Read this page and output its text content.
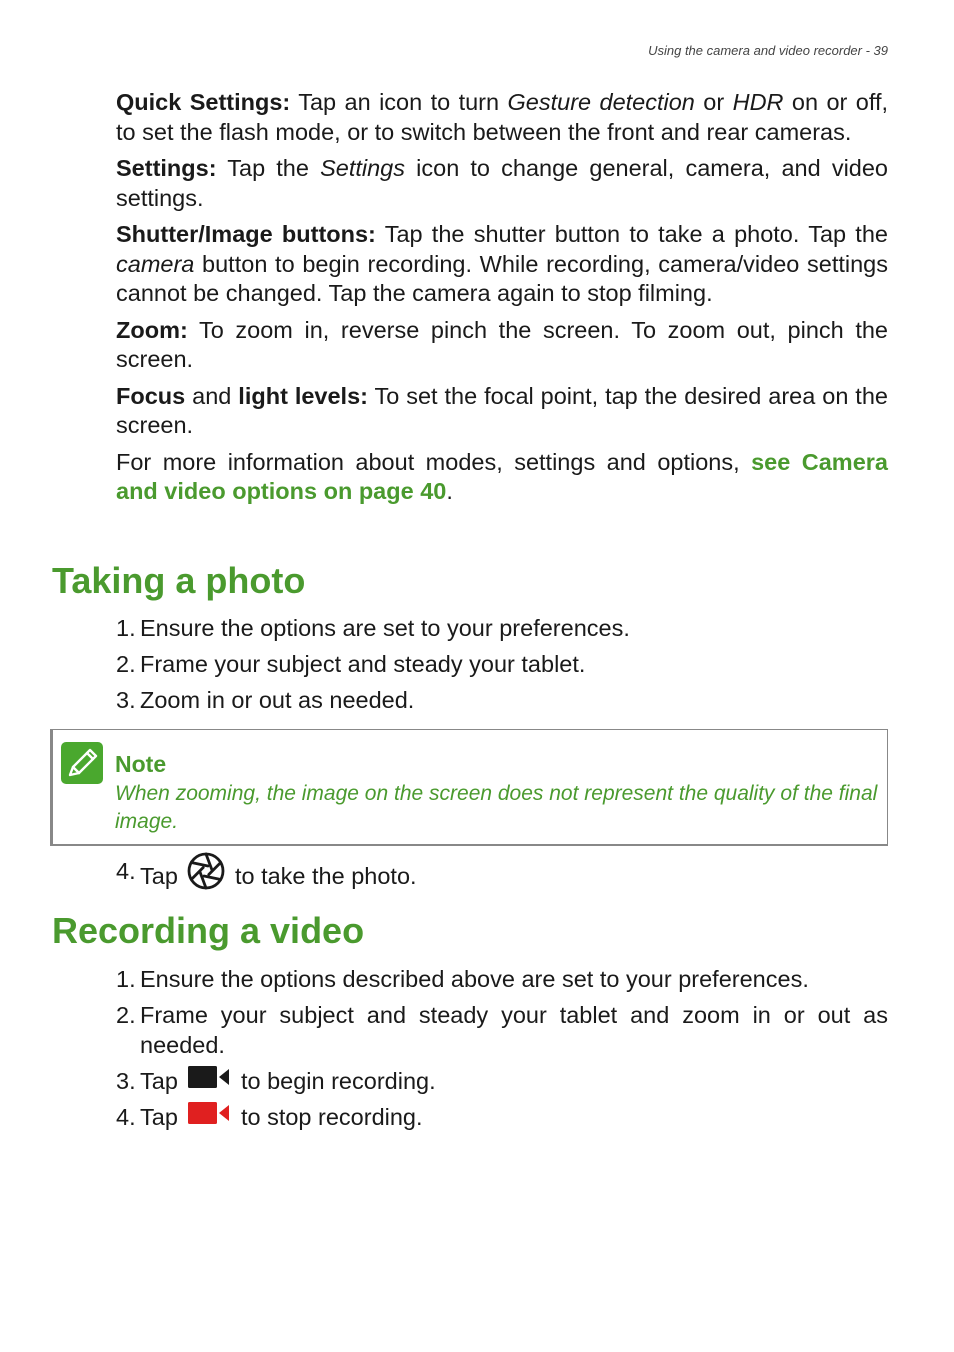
Using the camera and video recorder - 39

Quick Settings: Tap an icon to turn Gesture detection or HDR on or off, to set the flash mode, or to switch between the front and rear cameras.

Settings: Tap the Settings icon to change general, camera, and video settings.

Shutter/Image buttons: Tap the shutter button to take a photo. Tap the camera button to begin recording. While recording, camera/video settings cannot be changed. Tap the camera again to stop filming.

Zoom: To zoom in, reverse pinch the screen. To zoom out, pinch the screen.

Focus and light levels: To set the focal point, tap the desired area on the screen.

For more information about modes, settings and options, see Camera and video options on page 40.

Taking a photo
1. Ensure the options are set to your preferences.
2. Frame your subject and steady your tablet.
3. Zoom in or out as needed.
Note
When zooming, the image on the screen does not represent the quality of the final image.
4. Tap  to take the photo.
Recording a video
1. Ensure the options described above are set to your preferences.
2. Frame your subject and steady your tablet and zoom in or out as needed.
3. Tap  to begin recording.
4. Tap  to stop recording.
